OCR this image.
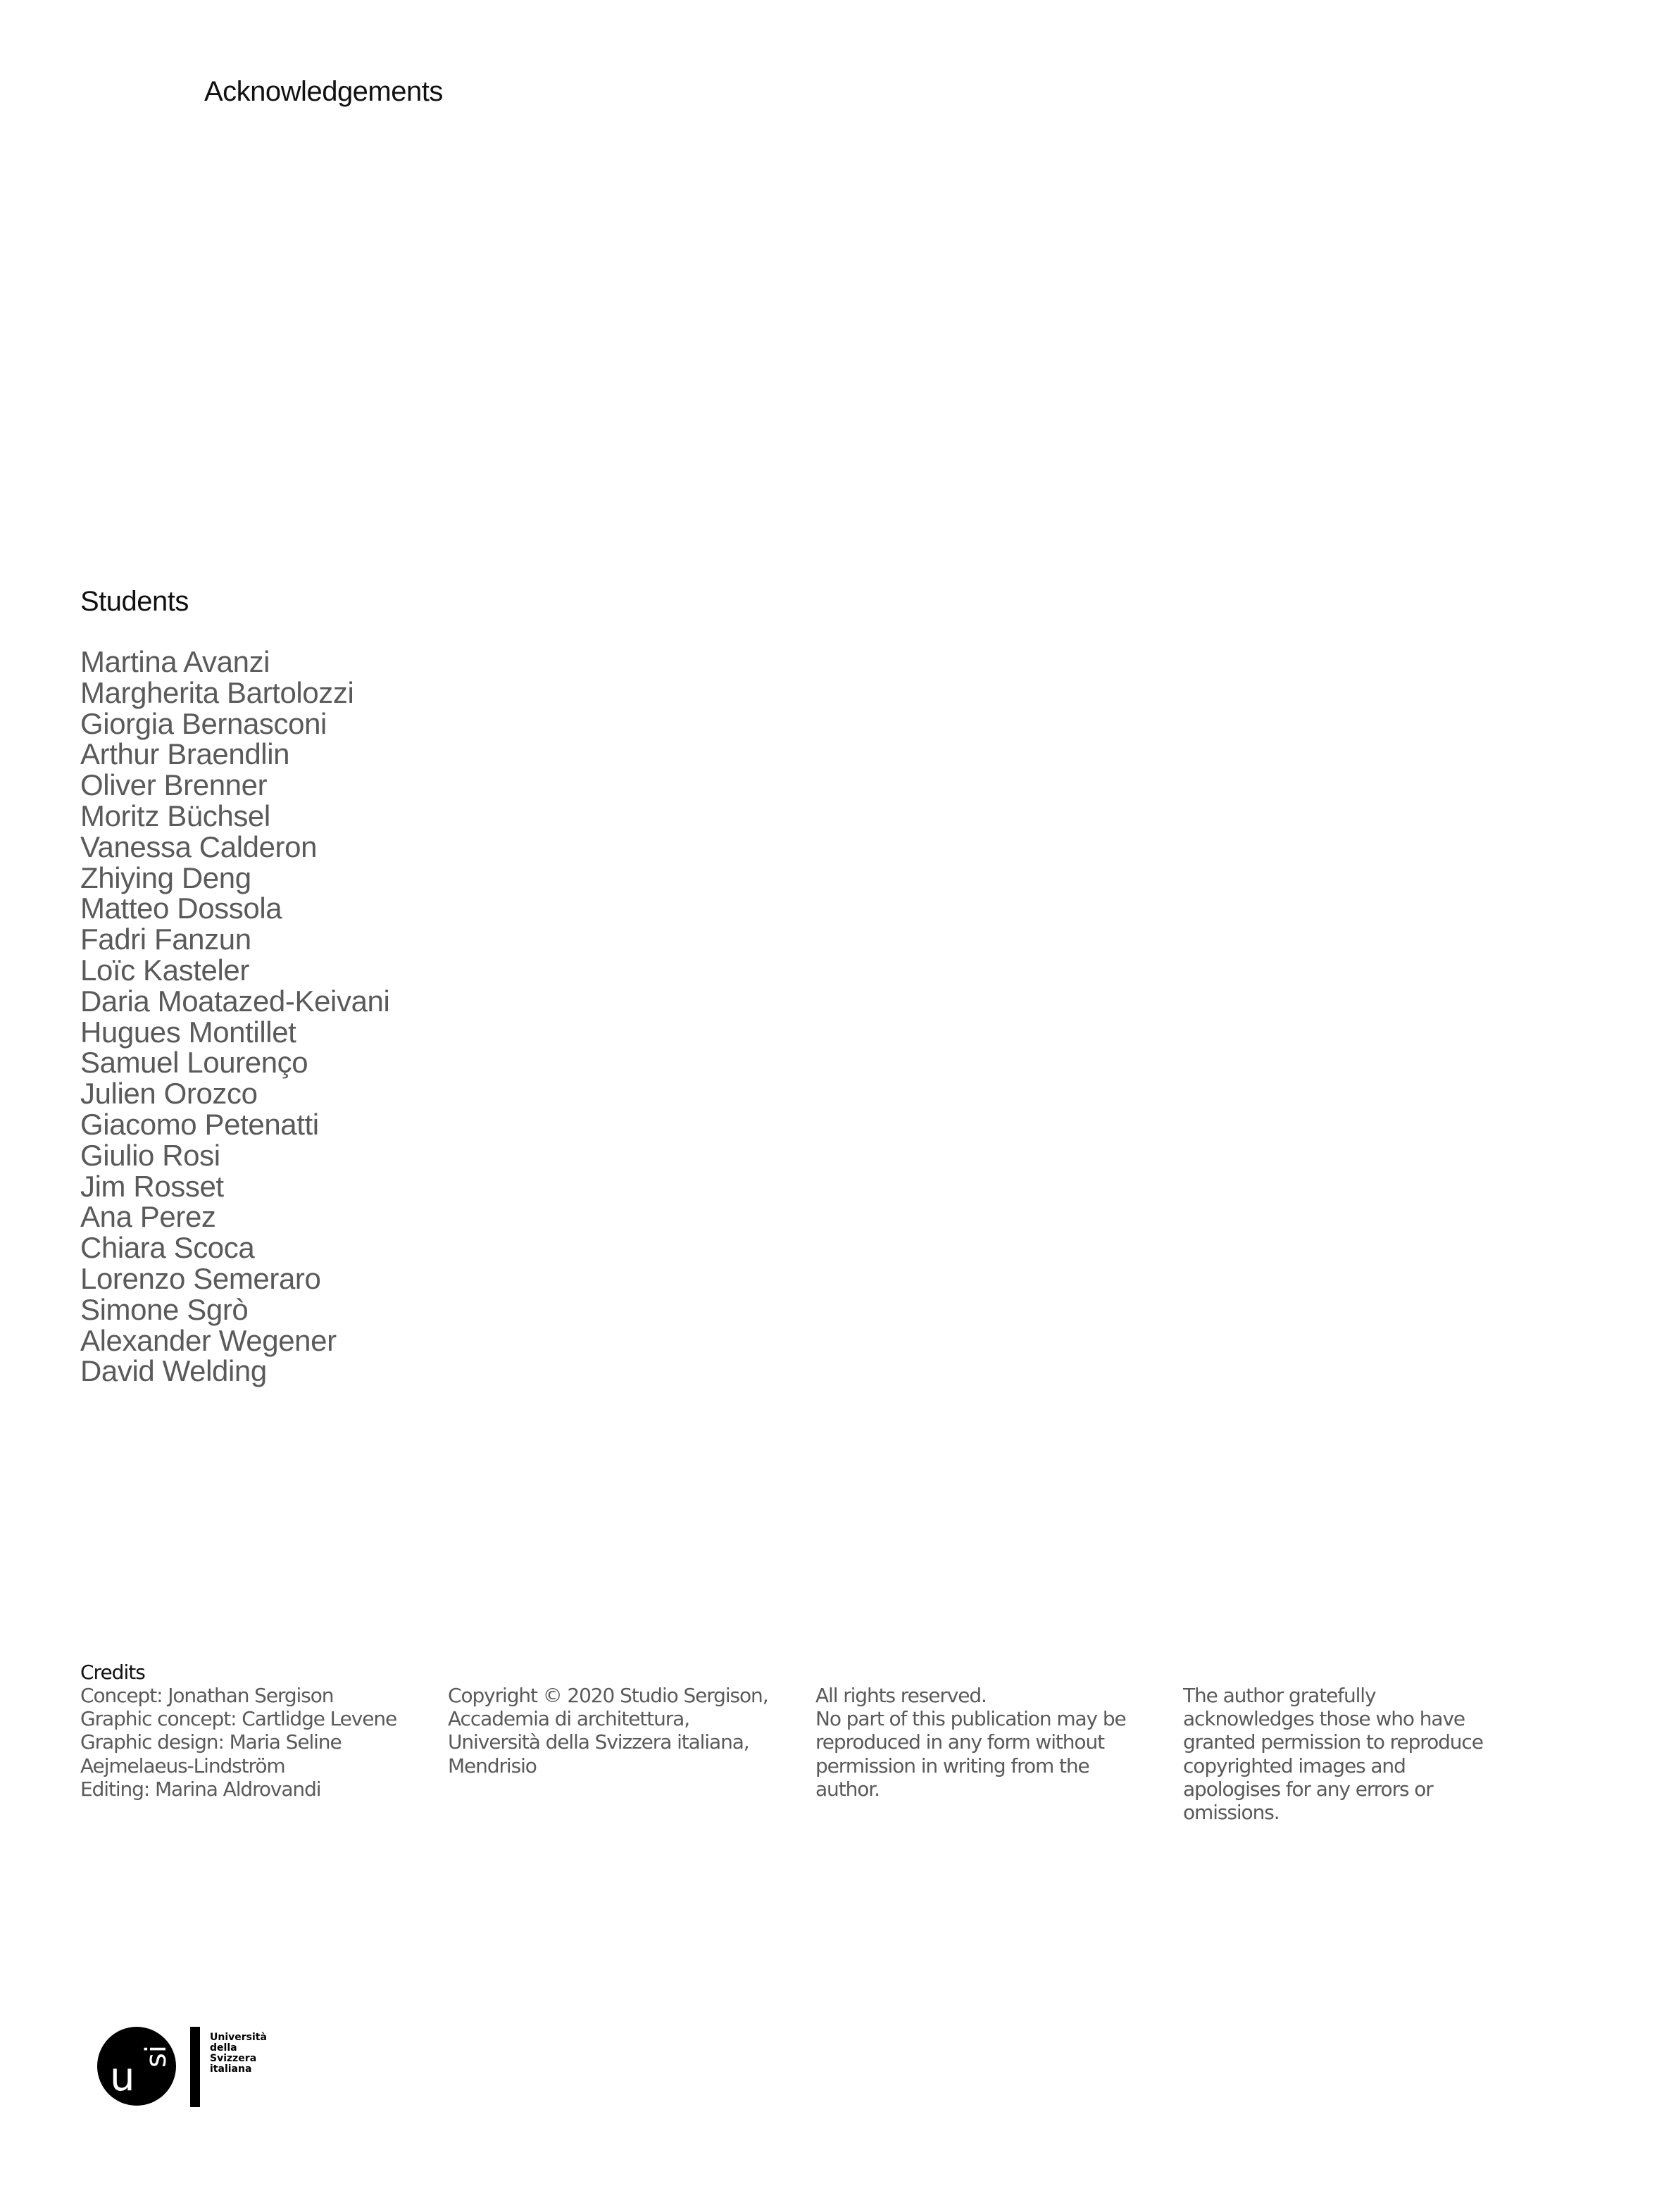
Acknowledgements
Students
Martina Avanzi
Margherita Bartolozzi
Giorgia Bernasconi
Arthur Braendlin
Oliver Brenner
Moritz Büchsel
Vanessa Calderon
Zhiying Deng
Matteo Dossola
Fadri Fanzun
Loïc Kasteler
Daria Moatazed-Keivani
Hugues Montillet
Samuel Lourenço
Julien Orozco
Giacomo Petenatti
Giulio Rosi
Jim Rosset
Ana Perez
Chiara Scoca
Lorenzo Semeraro
Simone Sgrò
Alexander Wegener
David Welding
Credits
Concept: Jonathan Sergison
Graphic concept: Cartlidge Levene
Graphic design: Maria Seline
Aejmelaeus-Lindström
Editing: Marina Aldrovandi
Copyright © 2020 Studio Sergison,
Accademia di architettura,
Università della Svizzera italiana,
Mendrisio
All rights reserved.
No part of this publication may be
reproduced in any form without
permission in writing from the
author.
The author gratefully
acknowledges those who have
granted permission to reproduce
copyrighted images and
apologises for any errors or
omissions.
u si
Università
della
Svizzera
italiana
